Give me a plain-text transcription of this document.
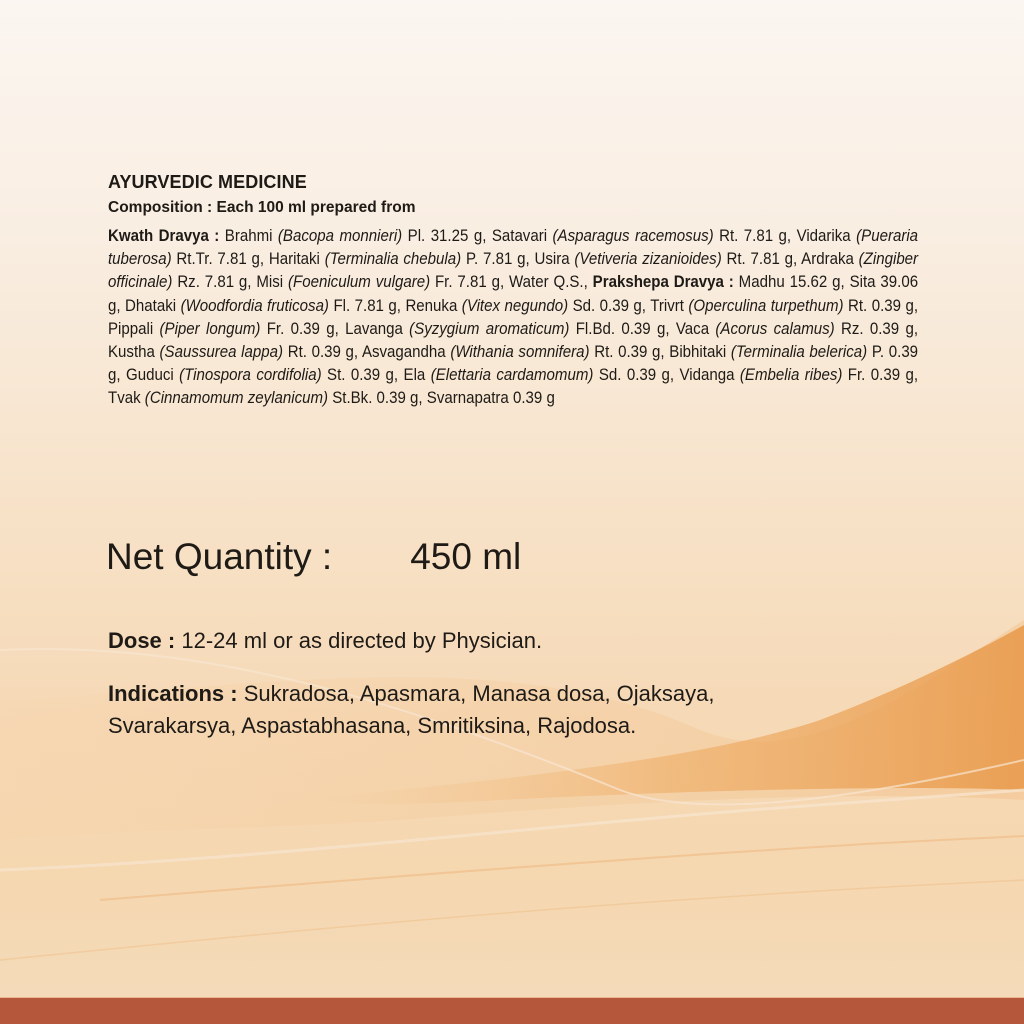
AYURVEDIC MEDICINE
Composition : Each 100 ml prepared from

Kwath Dravya : Brahmi (Bacopa monnieri) Pl. 31.25 g, Satavari (Asparagus racemosus) Rt. 7.81 g, Vidarika (Pueraria tuberosa) Rt.Tr. 7.81 g, Haritaki (Terminalia chebula) P. 7.81 g, Usira (Vetiveria zizanioides) Rt. 7.81 g, Ardraka (Zingiber officinale) Rz. 7.81 g, Misi (Foeniculum vulgare) Fr. 7.81 g, Water Q.S., Prakshepa Dravya : Madhu 15.62 g, Sita 39.06 g, Dhataki (Woodfordia fruticosa) Fl. 7.81 g, Renuka (Vitex negundo) Sd. 0.39 g, Trivrt (Operculina turpethum) Rt. 0.39 g, Pippali (Piper longum) Fr. 0.39 g, Lavanga (Syzygium aromaticum) Fl.Bd. 0.39 g, Vaca (Acorus calamus) Rz. 0.39 g, Kustha (Saussurea lappa) Rt. 0.39 g, Asvagandha (Withania somnifera) Rt. 0.39 g, Bibhitaki (Terminalia belerica) P. 0.39 g, Guduci (Tinospora cordifolia) St. 0.39 g, Ela (Elettaria cardamomum) Sd. 0.39 g, Vidanga (Embelia ribes) Fr. 0.39 g, Tvak (Cinnamomum zeylanicum) St.Bk. 0.39 g, Svarnapatra 0.39 g

Net Quantity : 450 ml
Dose : 12-24 ml or as directed by Physician.
Indications : Sukradosa, Apasmara, Manasa dosa, Ojaksaya, Svarakarsya, Aspastabhasana, Smritiksina, Rajodosa.
